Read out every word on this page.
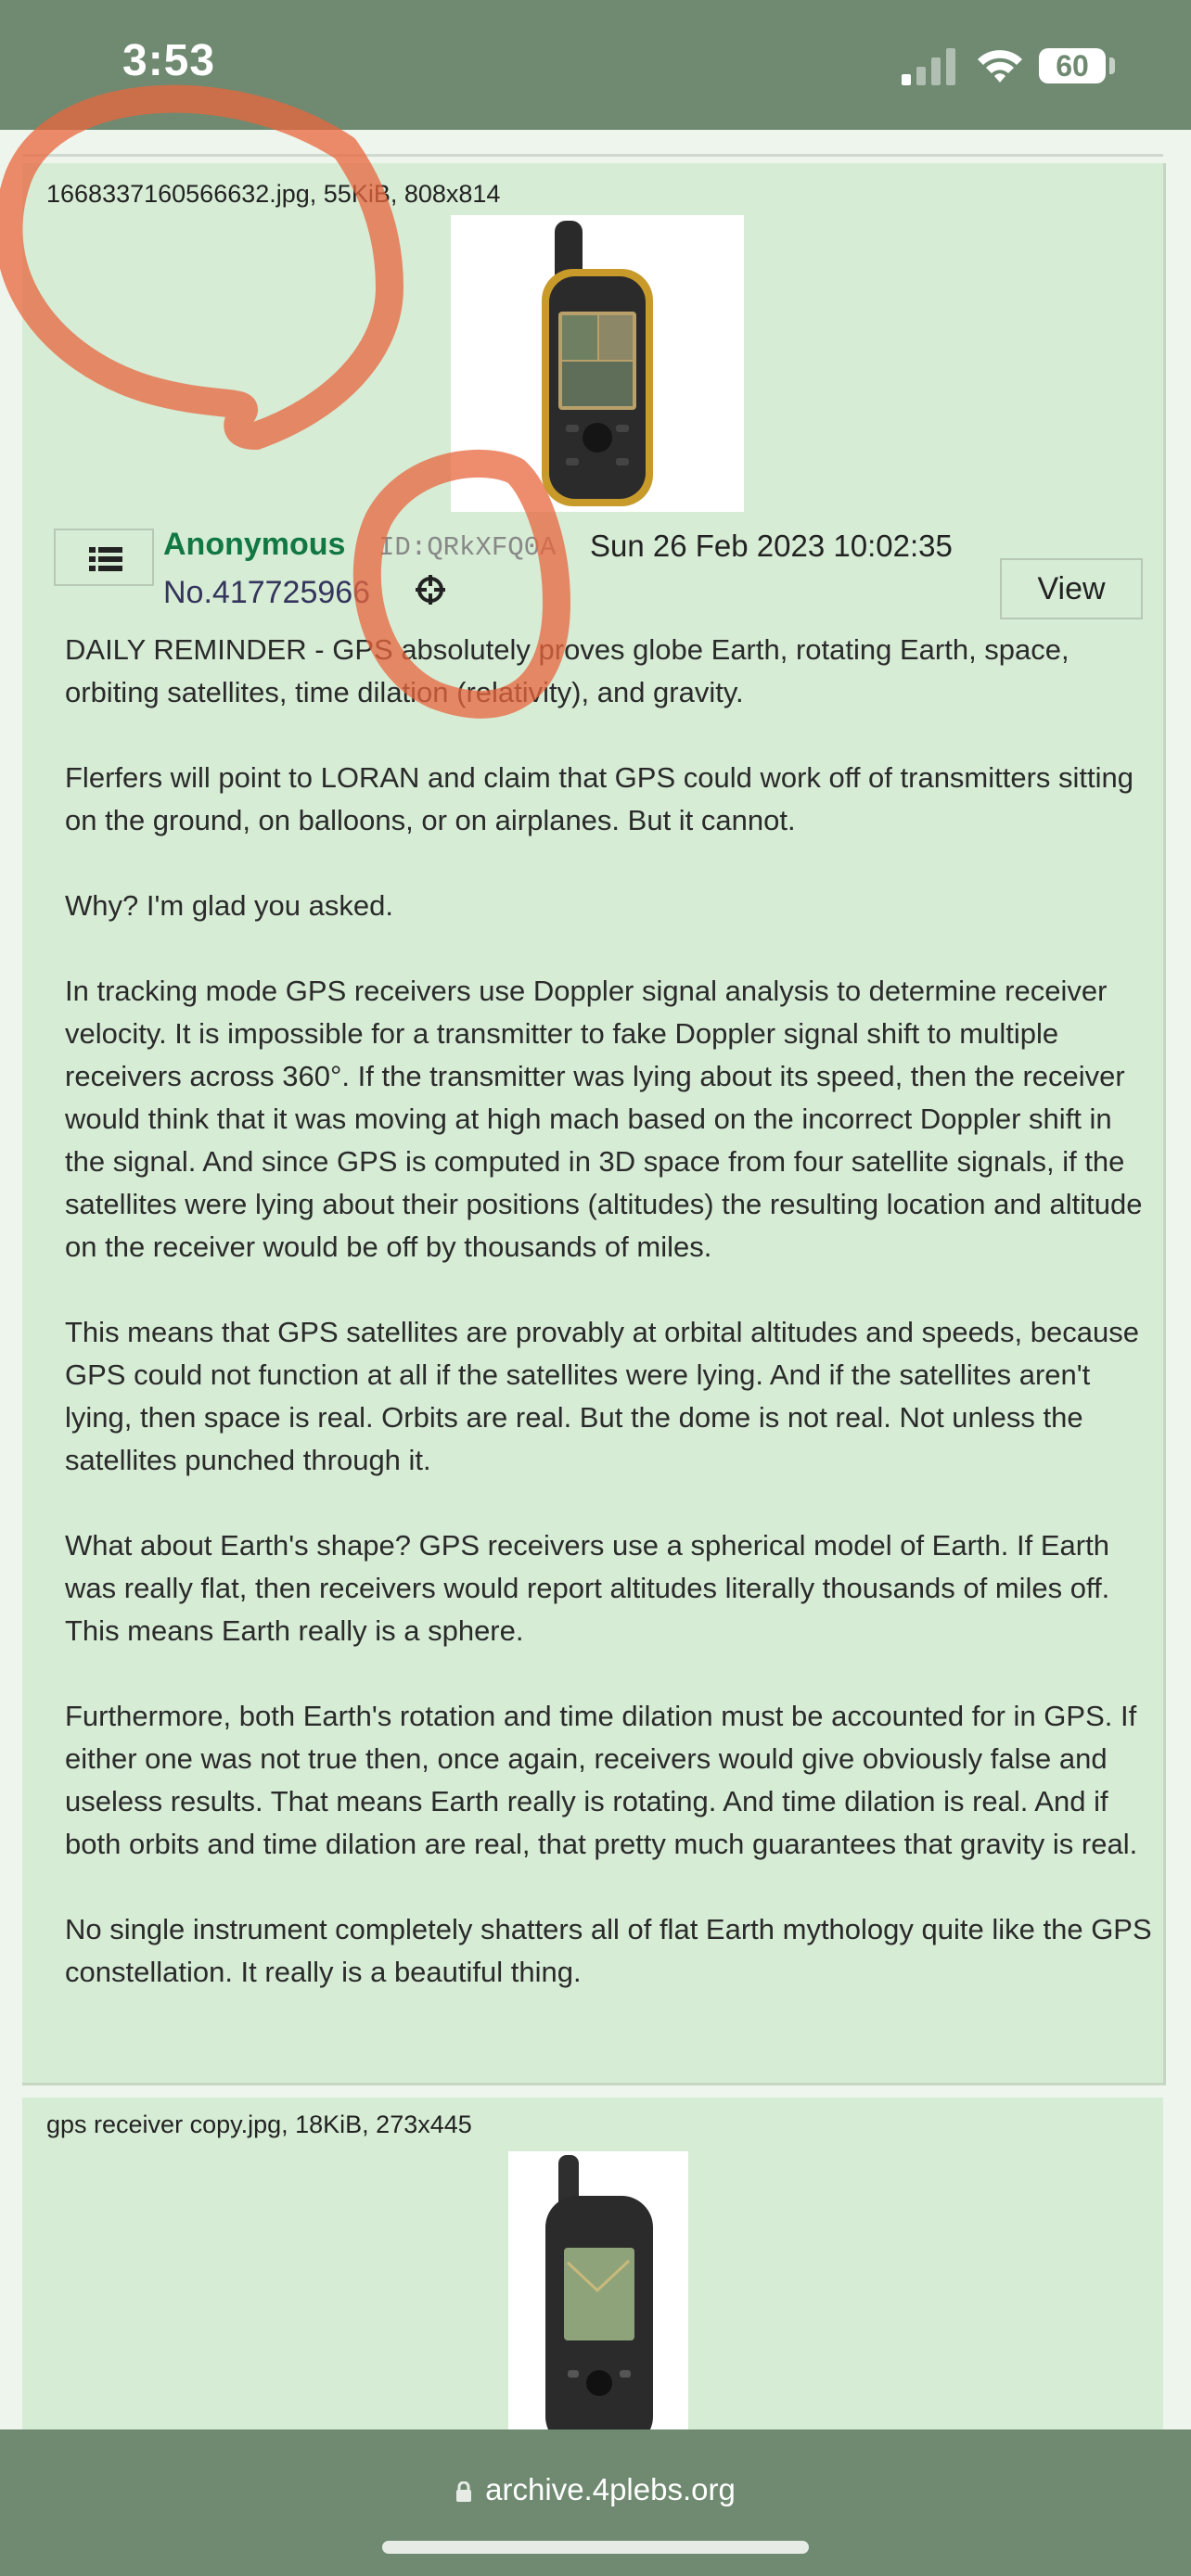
3:53	60
1668337160566632.jpg, 55KiB, 808x814
Anonymous ID:QRkXFQ0A Sun 26 Feb 2023 10:02:35
No.417725966	View

DAILY REMINDER - GPS absolutely proves globe Earth, rotating Earth, space, orbiting satellites, time dilation (relativity), and gravity.

Flerfers will point to LORAN and claim that GPS could work off of transmitters sitting on the ground, on balloons, or on airplanes. But it cannot.

Why? I'm glad you asked.

In tracking mode GPS receivers use Doppler signal analysis to determine receiver velocity. It is impossible for a transmitter to fake Doppler signal shift to multiple receivers across 360°. If the transmitter was lying about its speed, then the receiver would think that it was moving at high mach based on the incorrect Doppler shift in the signal. And since GPS is computed in 3D space from four satellite signals, if the satellites were lying about their positions (altitudes) the resulting location and altitude on the receiver would be off by thousands of miles.

This means that GPS satellites are provably at orbital altitudes and speeds, because GPS could not function at all if the satellites were lying. And if the satellites aren't lying, then space is real. Orbits are real. But the dome is not real. Not unless the satellites punched through it.

What about Earth's shape? GPS receivers use a spherical model of Earth. If Earth was really flat, then receivers would report altitudes literally thousands of miles off. This means Earth really is a sphere.

Furthermore, both Earth's rotation and time dilation must be accounted for in GPS. If either one was not true then, once again, receivers would give obviously false and useless results. That means Earth really is rotating. And time dilation is real. And if both orbits and time dilation are real, that pretty much guarantees that gravity is real.

No single instrument completely shatters all of flat Earth mythology quite like the GPS constellation. It really is a beautiful thing.

gps receiver copy.jpg, 18KiB, 273x445
archive.4plebs.org
